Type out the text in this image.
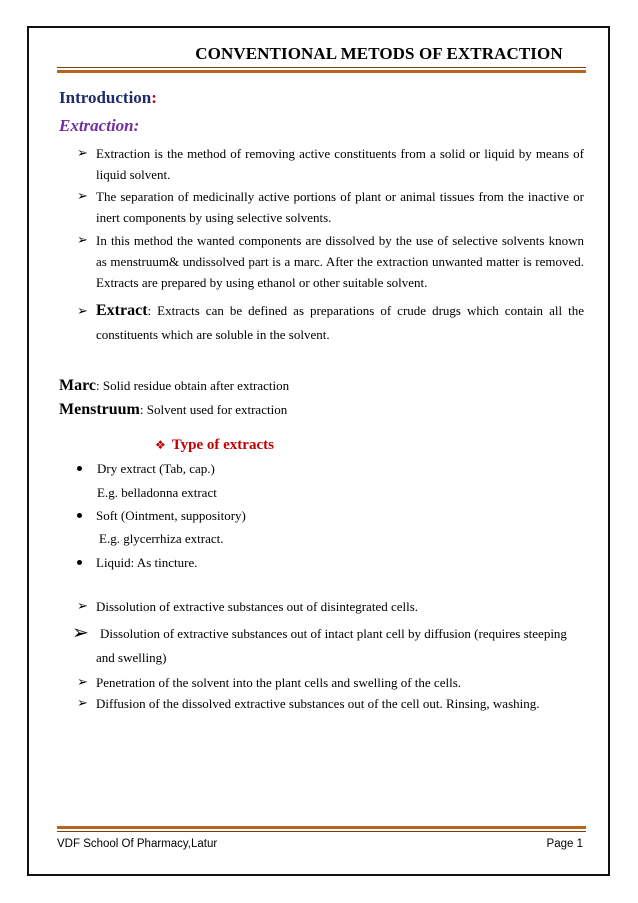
CONVENTIONAL METODS OF EXTRACTION
Introduction:
Extraction:
➢ Extraction is the method of removing active constituents from a solid or liquid by means of
liquid solvent.
➢ The separation of medicinally active portions of plant or animal tissues from the inactive or
inert components by using selective solvents.
➢ In this method the wanted components are dissolved by the use of selective solvents known
as menstruum& undissolved part is a marc. After the extraction unwanted matter is removed.
Extracts are prepared by using ethanol or other suitable solvent.
➢ Extract: Extracts can be defined as preparations of crude drugs which contain all the
constituents which are soluble in the solvent.
Marc: Solid residue obtain after extraction
Menstruum: Solvent used for extraction
❖ Type of extracts
Dry extract (Tab, cap.)
E.g. belladonna extract
Soft (Ointment, suppository)
E.g. glycerrhiza extract.
Liquid: As tincture.
➢ Dissolution of extractive substances out of disintegrated cells.
➢ Dissolution of extractive substances out of intact plant cell by diffusion (requires steeping
and swelling)
➢ Penetration of the solvent into the plant cells and swelling of the cells.
➢ Diffusion of the dissolved extractive substances out of the cell out. Rinsing, washing.
VDF School Of Pharmacy,Latur	Page 1
